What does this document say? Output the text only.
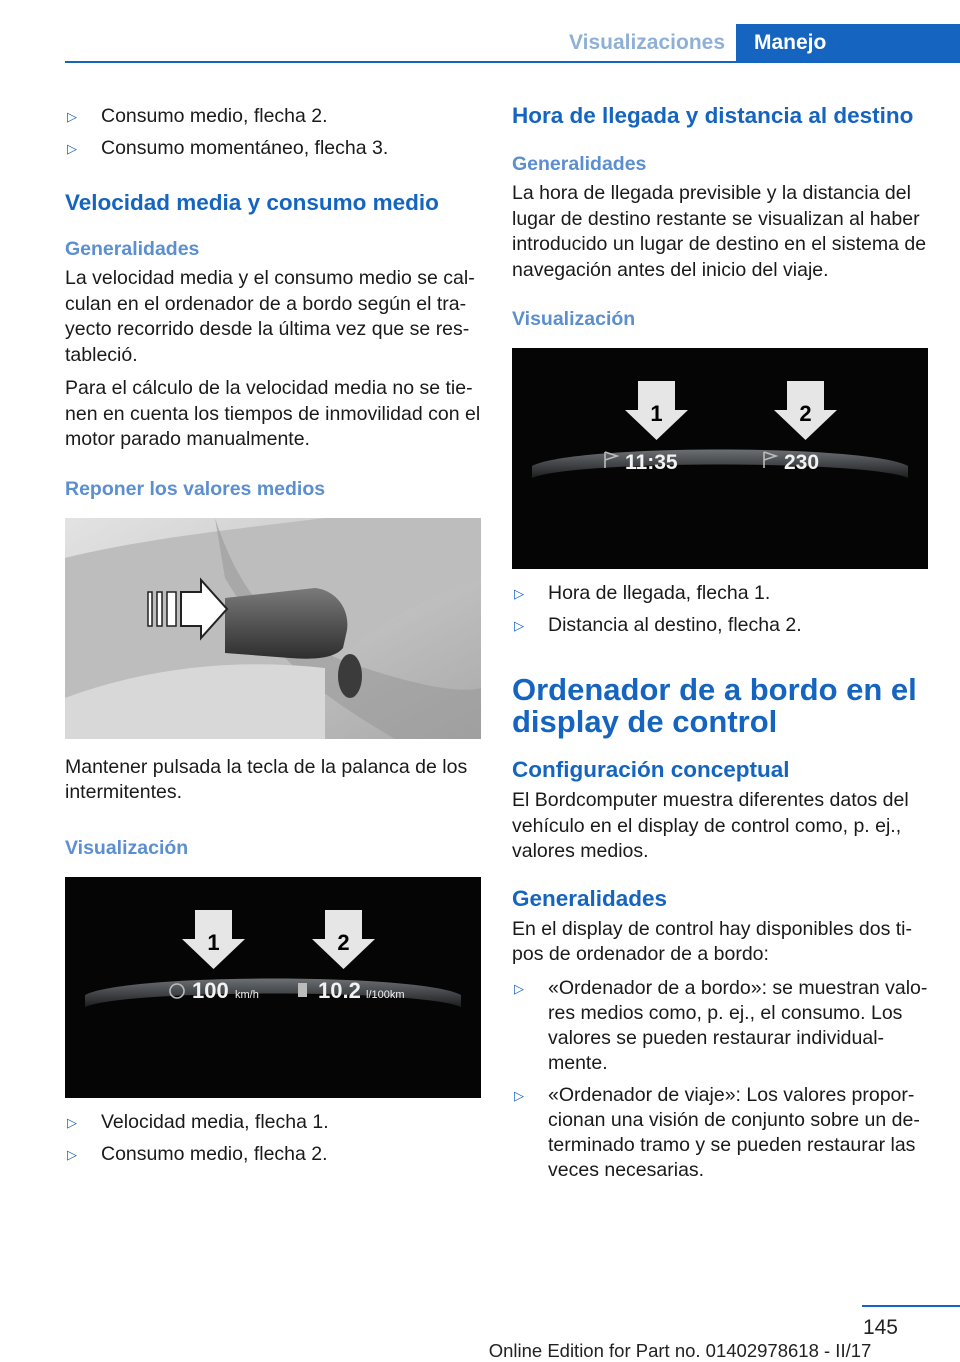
Visualizaciones	Manejo
▷	Consumo medio, flecha 2.
▷	Consumo momentáneo, flecha 3.
Velocidad media y consumo medio
Generalidades

La velocidad media y el consumo medio se calculan en el ordenador de a bordo según el trayecto recorrido desde la última vez que se restableció.

Para el cálculo de la velocidad media no se tienen en cuenta los tiempos de inmovilidad con el motor parado manualmente.

Reponer los valores medios

Mantener pulsada la tecla de la palanca de los intermitentes.

Visualización
1	2
100 km/h	10.2 l/100km
▷	Velocidad media, flecha 1.
▷	Consumo medio, flecha 2.
Hora de llegada y distancia al destino
Generalidades

La hora de llegada previsible y la distancia del lugar de destino restante se visualizan al haber introducido un lugar de destino en el sistema de navegación antes del inicio del viaje.

Visualización
1	2
11:35	230
▷	Hora de llegada, flecha 1.
▷	Distancia al destino, flecha 2.
Ordenador de a bordo en el display de control
Configuración conceptual

El Bordcomputer muestra diferentes datos del vehículo en el display de control como, p. ej., valores medios.

Generalidades

En el display de control hay disponibles dos tipos de ordenador de a bordo:

▷	«Ordenador de a bordo»: se muestran valores medios como, p. ej., el consumo. Los valores se pueden restaurar individualmente.
▷	«Ordenador de viaje»: Los valores proporcionan una visión de conjunto sobre un determinado tramo y se pueden restaurar las veces necesarias.
145
Online Edition for Part no. 01402978618 - II/17
